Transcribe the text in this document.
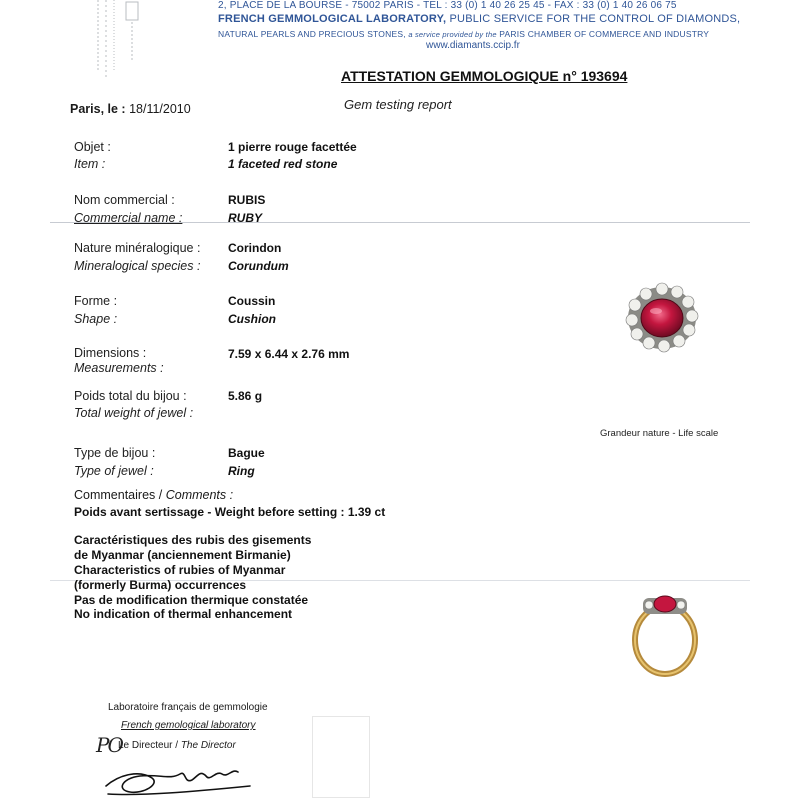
2, PLACE DE LA BOURSE - 75002 PARIS - TEL : 33 (0) 1 40 26 25 45 - FAX : 33 (0) 1 40 26 06 75
FRENCH GEMMOLOGICAL LABORATORY, PUBLIC SERVICE FOR THE CONTROL OF DIAMONDS,
NATURAL PEARLS AND PRECIOUS STONES, a service provided by the PARIS CHAMBER OF COMMERCE AND INDUSTRY
www.diamants.ccip.fr
ATTESTATION GEMMOLOGIQUE n° 193694
Gem testing report
Paris, le : 18/11/2010
Objet :
Item :
1 pierre rouge facettée
1 faceted red stone
Nom commercial :
Commercial name :
RUBIS
RUBY
Nature minéralogique :
Mineralogical species :
Corindon
Corundum
Forme :
Shape :
Coussin
Cushion
Dimensions :
Measurements :
7.59 x 6.44 x 2.76 mm
Poids total du bijou :
Total weight of jewel :
5.86 g
Type de bijou :
Type of jewel :
Bague
Ring
Commentaires / Comments :
Poids avant sertissage - Weight before setting : 1.39 ct
Caractéristiques des rubis des gisements
de Myanmar (anciennement Birmanie)
Characteristics of rubies of Myanmar
(formerly Burma) occurrences
Pas de modification thermique constatée
No indication of thermal enhancement
Grandeur nature - Life scale
Laboratoire français de gemmologie
French gemological laboratory
PO
Le Directeur / The Director
